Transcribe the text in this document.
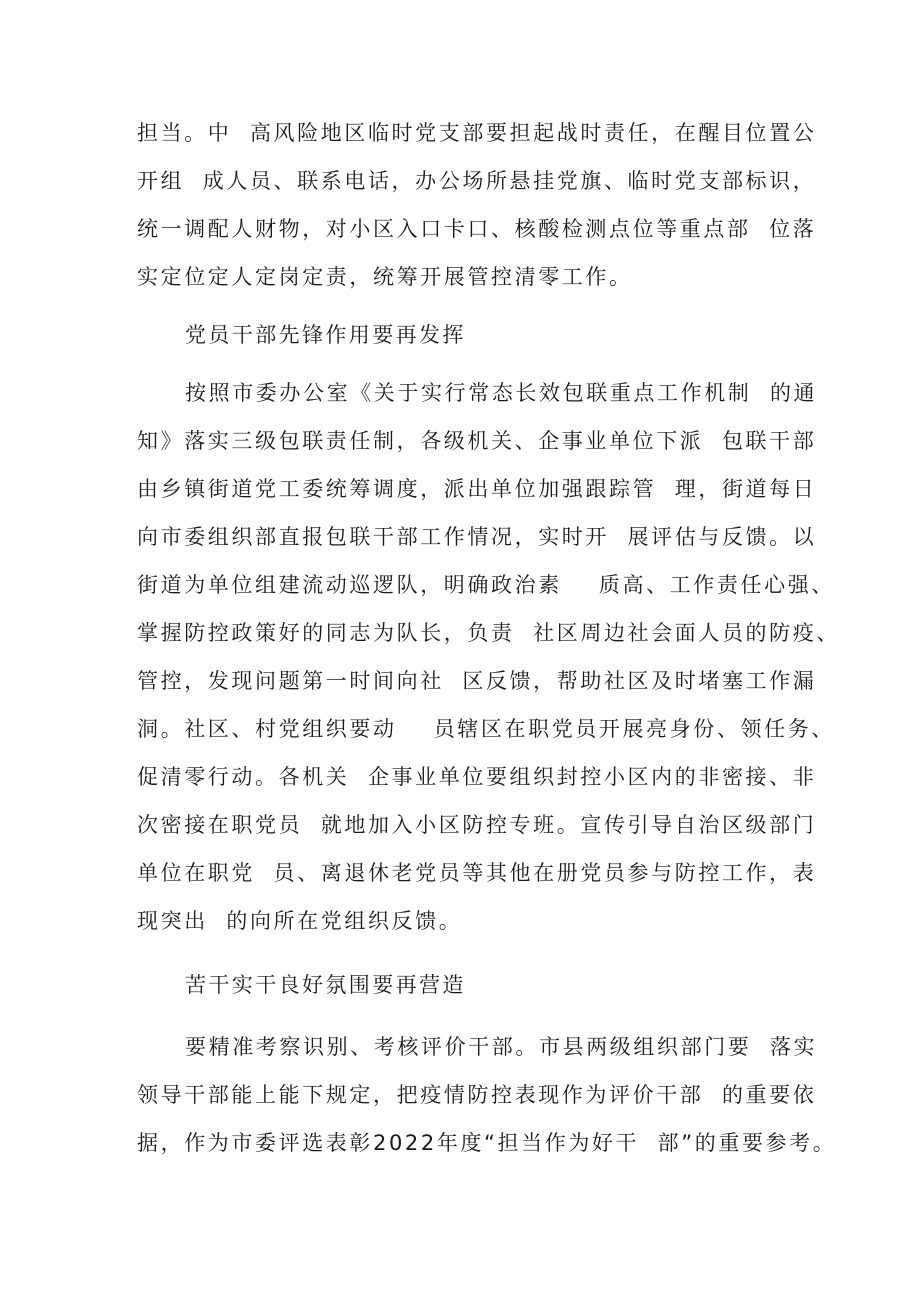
担当。中  高风险地区临时党支部要担起战时责任，在醒目位置公
开组  成人员、联系电话，办公场所悬挂党旗、临时党支部标识，
统一调配人财物，对小区入口卡口、核酸检测点位等重点部  位落
实定位定人定岗定责，统筹开展管控清零工作。
党员干部先锋作用要再发挥
按照市委办公室《关于实行常态长效包联重点工作机制  的通
知》落实三级包联责任制，各级机关、企事业单位下派  包联干部
由乡镇街道党工委统筹调度，派出单位加强跟踪管  理，街道每日
向市委组织部直报包联干部工作情况，实时开  展评估与反馈。以
街道为单位组建流动巡逻队，明确政治素    质高、工作责任心强、
掌握防控政策好的同志为队长，负责  社区周边社会面人员的防疫、
管控，发现问题第一时间向社  区反馈，帮助社区及时堵塞工作漏
洞。社区、村党组织要动    员辖区在职党员开展亮身份、领任务、
促清零行动。各机关  企事业单位要组织封控小区内的非密接、非
次密接在职党员  就地加入小区防控专班。宣传引导自治区级部门
单位在职党  员、离退休老党员等其他在册党员参与防控工作，表
现突出  的向所在党组织反馈。
苦干实干良好氛围要再营造
要精准考察识别、考核评价干部。市县两级组织部门要  落实
领导干部能上能下规定，把疫情防控表现作为评价干部  的重要依
据，作为市委评选表彰2022年度“担当作为好干  部”的重要参考。
